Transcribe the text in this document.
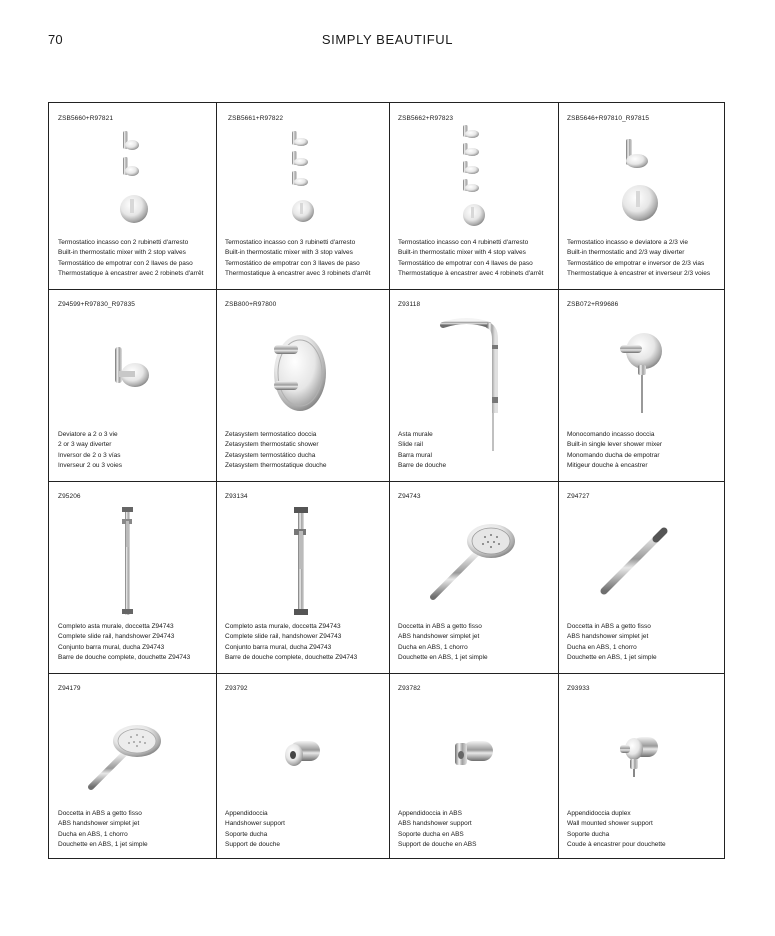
70	SIMPLY BEAUTIFUL
ZSB5660+R97821
Termostatico incasso con 2 rubinetti d'arresto
Built-in thermostatic mixer with 2 stop valves
Termostático de empotrar con 2 llaves de paso
Thermostatique à encastrer avec 2 robinets d'arrêt
ZSB5661+R97822
Termostatico incasso con 3 rubinetti d'arresto
Built-in thermostatic mixer with 3 stop valves
Termostático de empotrar con 3 llaves de paso
Thermostatique à encastrer avec 3 robinets d'arrêt
ZSB5662+R97823
Termostatico incasso con 4 rubinetti d'arresto
Built-in thermostatic mixer with 4 stop valves
Termostático de empotrar con 4 llaves de paso
Thermostatique à encastrer avec 4 robinets d'arrêt
ZSB5646+R97810_R97815
Termostatico incasso e deviatore a 2/3 vie
Built-in thermostatic and 2/3 way diverter
Termostático de empotrar e inversor de 2/3 vias
Thermostatique à encastrer et inverseur 2/3 voies
Z94599+R97830_R97835
Deviatore a 2 o 3 vie
2 or 3 way diverter
Inversor de 2 o 3 vías
Inverseur 2 ou 3 voies
ZSB800+R97800
Zetasystem termostatico doccia
Zetasystem thermostatic shower
Zetasystem termostático ducha
Zetasystem thermostatique douche
Z93118
Asta murale
Slide rail
Barra mural
Barre de douche
ZSB072+R99686
Monocomando incasso doccia
Built-in single lever shower mixer
Monomando ducha de empotrar
Mitigeur douche à encastrer
Z95206
Completo asta murale, doccetta Z94743
Complete slide rail, handshower Z94743
Conjunto barra mural, ducha Z94743
Barre de douche complete, douchette Z94743
Z93134
Completo asta murale, doccetta Z94743
Complete slide rail, handshower Z94743
Conjunto barra mural, ducha Z94743
Barre de douche complete, douchette Z94743
Z94743
Doccetta in ABS a getto fisso
ABS handshower simplet jet
Ducha en ABS, 1 chorro
Douchette en ABS, 1 jet simple
Z94727
Doccetta in ABS a getto fisso
ABS handshower simplet jet
Ducha en ABS, 1 chorro
Douchette en ABS, 1 jet simple
Z94179
Doccetta in ABS a getto fisso
ABS handshower simplet jet
Ducha en ABS, 1 chorro
Douchette en ABS, 1 jet simple
Z93792
Appendidoccia
Handshower support
Soporte ducha
Support de douche
Z93782
Appendidoccia in ABS
ABS handshower support
Soporte ducha en ABS
Support de douche en ABS
Z93933
Appendidoccia duplex
Wall mounted shower support
Soporte ducha
Coude à encastrer pour douchette
